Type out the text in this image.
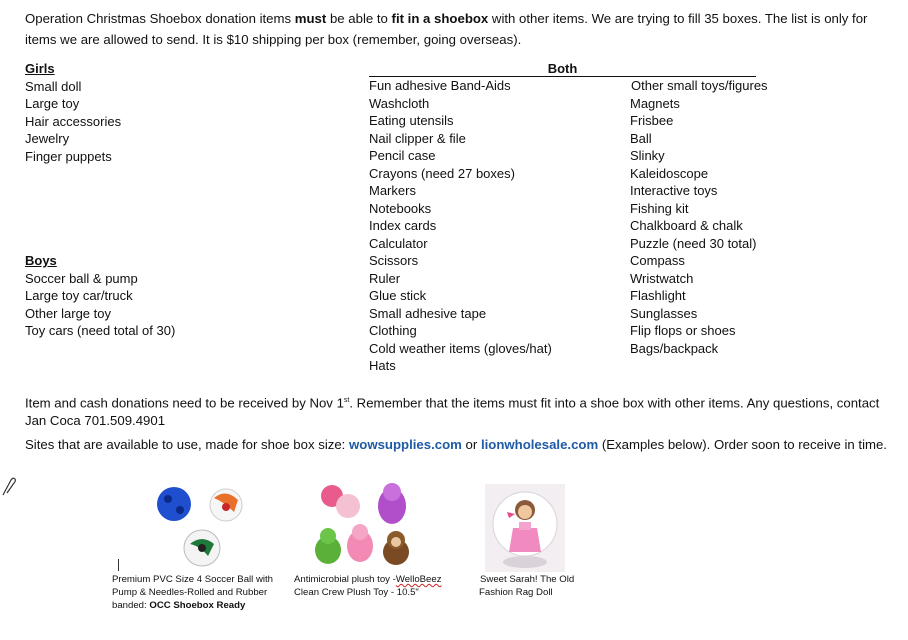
Operation Christmas Shoebox donation items must be able to fit in a shoebox with other items. We are trying to fill 35 boxes. The list is only for items we are allowed to send. It is $10 shipping per box (remember, going overseas).
Girls
Small doll
Large toy
Hair accessories
Jewelry
Finger puppets
Boys
Soccer ball & pump
Large toy car/truck
Other large toy
Toy cars (need total of 30)
Both
Fun adhesive Band-Aids
Washcloth
Eating utensils
Nail clipper & file
Pencil case
Crayons (need 27 boxes)
Markers
Notebooks
Index cards
Calculator
Scissors
Ruler
Glue stick
Small adhesive tape
Clothing
Cold weather items (gloves/hat)
Hats
Other small toys/figures
Magnets
Frisbee
Ball
Slinky
Kaleidoscope
Interactive toys
Fishing kit
Chalkboard & chalk
Puzzle (need 30 total)
Compass
Wristwatch
Flashlight
Sunglasses
Flip flops or shoes
Bags/backpack
Item and cash donations need to be received by Nov 1st. Remember that the items must fit into a shoe box with other items. Any questions, contact Jan Coca 701.509.4901
Sites that are available to use, made for shoe box size: wowsupplies.com or lionwholesale.com (Examples below). Order soon to receive in time.
Premium PVC Size 4 Soccer Ball with Pump & Needles-Rolled and Rubber banded: OCC Shoebox Ready
Antimicrobial plush toy -WelloBeez Clean Crew Plush Toy - 10.5"
Sweet Sarah! The Old Fashion Rag Doll
